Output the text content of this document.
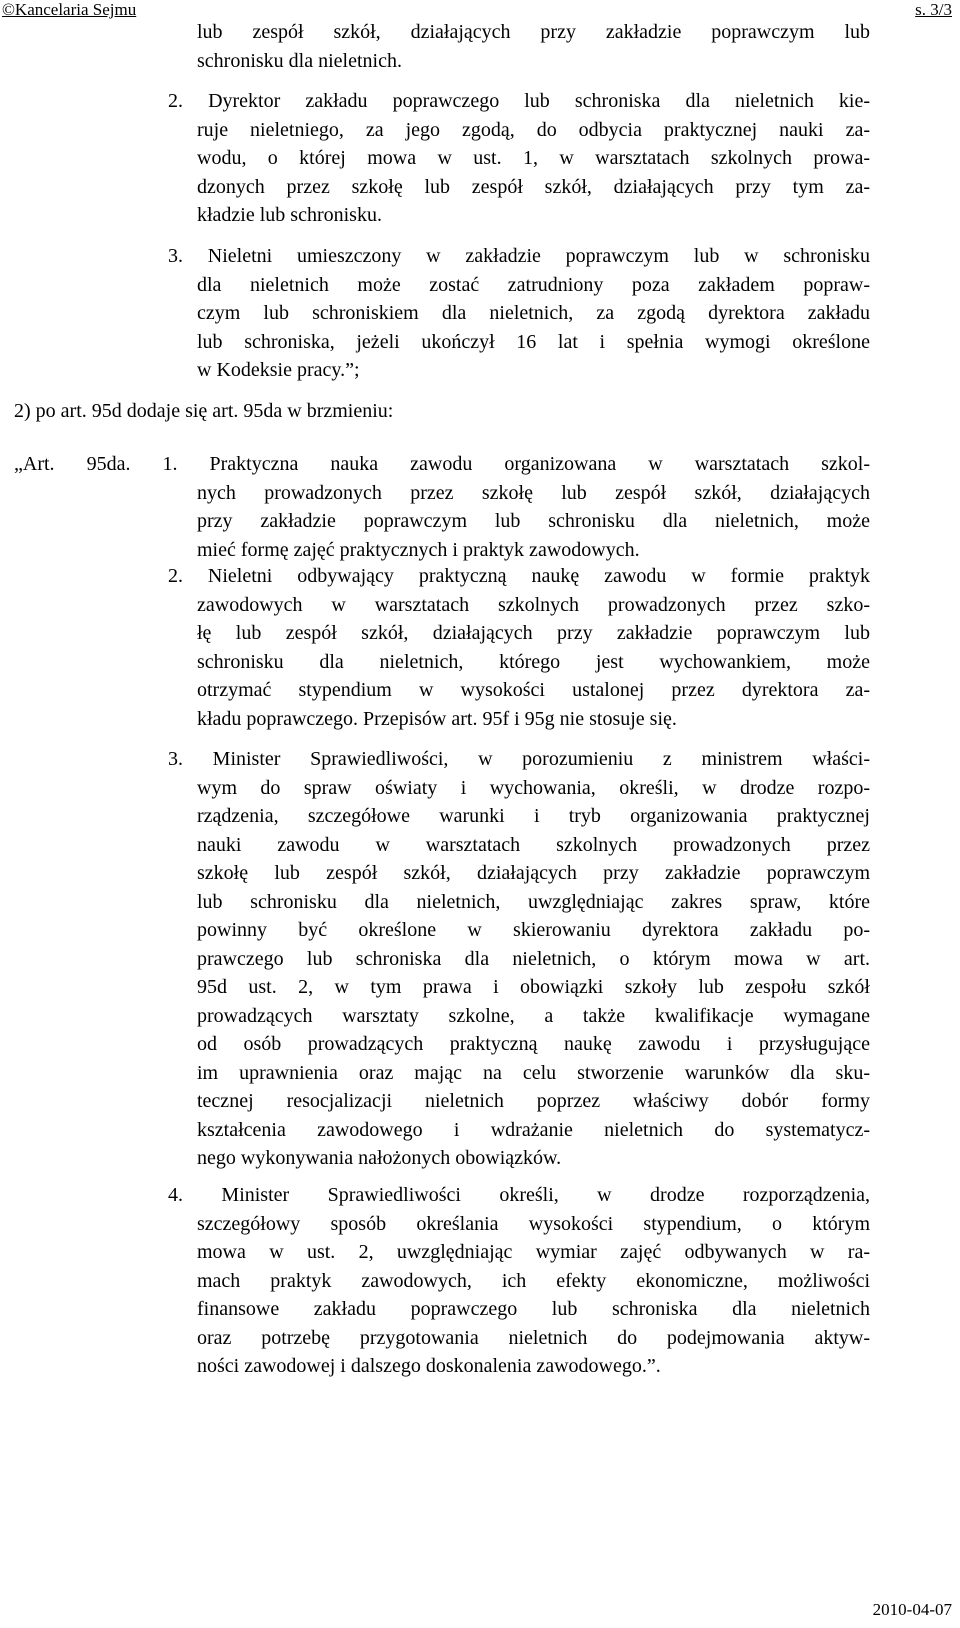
©Kancelaria Sejmu	s. 3/3
lub zespół szkół, działających przy zakładzie poprawczym lub
schronisku dla nieletnich.
2. Dyrektor zakładu poprawczego lub schroniska dla nieletnich kie-
ruje nieletniego, za jego zgodą, do odbycia praktycznej nauki za-
wodu, o której mowa w ust. 1, w warsztatach szkolnych prowa-
dzonych przez szkołę lub zespół szkół, działających przy tym za-
kładzie lub schronisku.
3. Nieletni umieszczony w zakładzie poprawczym lub w schronisku
dla nieletnich może zostać zatrudniony poza zakładem popraw-
czym lub schroniskiem dla nieletnich, za zgodą dyrektora zakładu
lub schroniska, jeżeli ukończył 16 lat i spełnia wymogi określone
w Kodeksie pracy.”;
2) po art. 95d dodaje się art. 95da w brzmieniu:
„Art. 95da. 1. Praktyczna nauka zawodu organizowana w warsztatach szkol-
nych prowadzonych przez szkołę lub zespół szkół, działających
przy zakładzie poprawczym lub schronisku dla nieletnich, może
mieć formę zajęć praktycznych i praktyk zawodowych.
2. Nieletni odbywający praktyczną naukę zawodu w formie praktyk
zawodowych w warsztatach szkolnych prowadzonych przez szko-
łę lub zespół szkół, działających przy zakładzie poprawczym lub
schronisku dla nieletnich, którego jest wychowankiem, może
otrzymać stypendium w wysokości ustalonej przez dyrektora za-
kładu poprawczego. Przepisów art. 95f i 95g nie stosuje się.
3. Minister Sprawiedliwości, w porozumieniu z ministrem właści-
wym do spraw oświaty i wychowania, określi, w drodze rozpo-
rządzenia, szczegółowe warunki i tryb organizowania praktycznej
nauki zawodu w warsztatach szkolnych prowadzonych przez
szkołę lub zespół szkół, działających przy zakładzie poprawczym
lub schronisku dla nieletnich, uwzględniając zakres spraw, które
powinny być określone w skierowaniu dyrektora zakładu po-
prawczego lub schroniska dla nieletnich, o którym mowa w art.
95d ust. 2, w tym prawa i obowiązki szkoły lub zespołu szkół
prowadzących warsztaty szkolne, a także kwalifikacje wymagane
od osób prowadzących praktyczną naukę zawodu i przysługujące
im uprawnienia oraz mając na celu stworzenie warunków dla sku-
tecznej resocjalizacji nieletnich poprzez właściwy dobór formy
kształcenia zawodowego i wdrażanie nieletnich do systematycz-
nego wykonywania nałożonych obowiązków.
4. Minister Sprawiedliwości określi, w drodze rozporządzenia,
szczegółowy sposób określania wysokości stypendium, o którym
mowa w ust. 2, uwzględniając wymiar zajęć odbywanych w ra-
mach praktyk zawodowych, ich efekty ekonomiczne, możliwości
finansowe zakładu poprawczego lub schroniska dla nieletnich
oraz potrzebę przygotowania nieletnich do podejmowania aktyw-
ności zawodowej i dalszego doskonalenia zawodowego.”.
2010-04-07
